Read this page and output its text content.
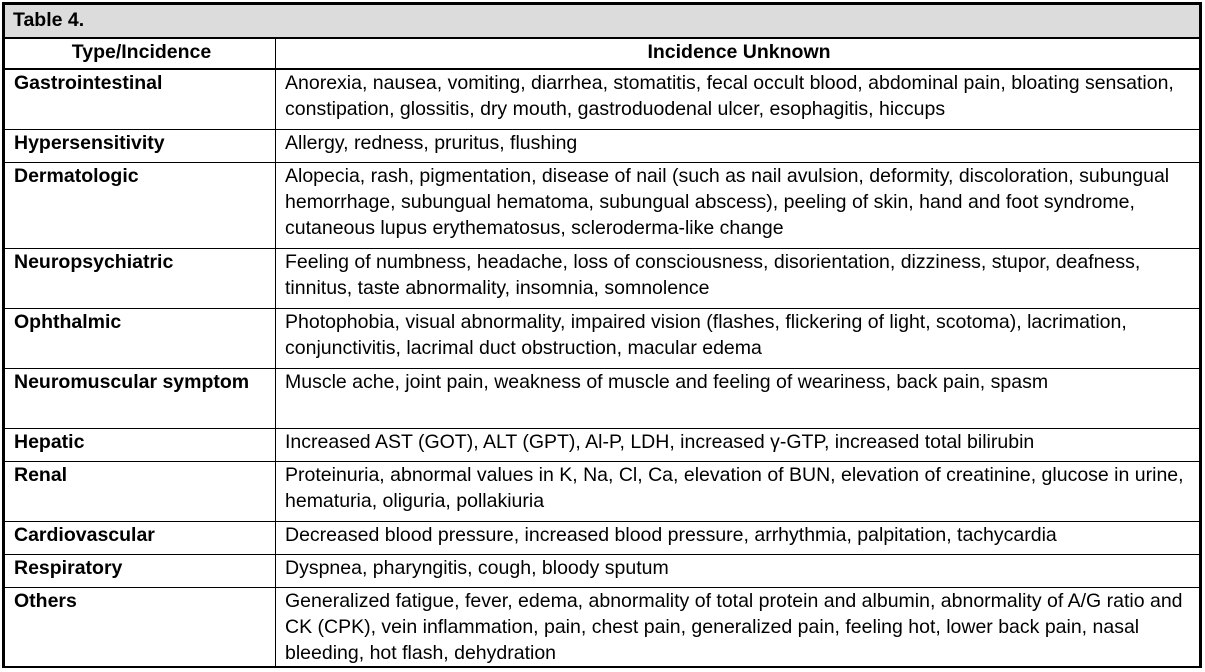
Table 4.	
Type/Incidence	Incidence Unknown
Gastrointestinal	Anorexia, nausea, vomiting, diarrhea, stomatitis, fecal occult blood, abdominal pain, bloating sensation, constipation, glossitis, dry mouth, gastroduodenal ulcer, esophagitis, hiccups
Hypersensitivity	Allergy, redness, pruritus, flushing
Dermatologic	Alopecia, rash, pigmentation, disease of nail (such as nail avulsion, deformity, discoloration, subungual hemorrhage, subungual hematoma, subungual abscess), peeling of skin, hand and foot syndrome, cutaneous lupus erythematosus, scleroderma-like change
Neuropsychiatric	Feeling of numbness, headache, loss of consciousness, disorientation, dizziness, stupor, deafness, tinnitus, taste abnormality, insomnia, somnolence
Ophthalmic	Photophobia, visual abnormality, impaired vision (flashes, flickering of light, scotoma), lacrimation, conjunctivitis, lacrimal duct obstruction, macular edema
Neuromuscular symptom	Muscle ache, joint pain, weakness of muscle and feeling of weariness, back pain, spasm
Hepatic	Increased AST (GOT), ALT (GPT), Al-P, LDH, increased γ-GTP, increased total bilirubin
Renal	Proteinuria, abnormal values in K, Na, Cl, Ca, elevation of BUN, elevation of creatinine, glucose in urine, hematuria, oliguria, pollakiuria
Cardiovascular	Decreased blood pressure, increased blood pressure, arrhythmia, palpitation, tachycardia
Respiratory	Dyspnea, pharyngitis, cough, bloody sputum
Others	Generalized fatigue, fever, edema, abnormality of total protein and albumin, abnormality of A/G ratio and CK (CPK), vein inflammation, pain, chest pain, generalized pain, feeling hot, lower back pain, nasal bleeding, hot flash, dehydration
